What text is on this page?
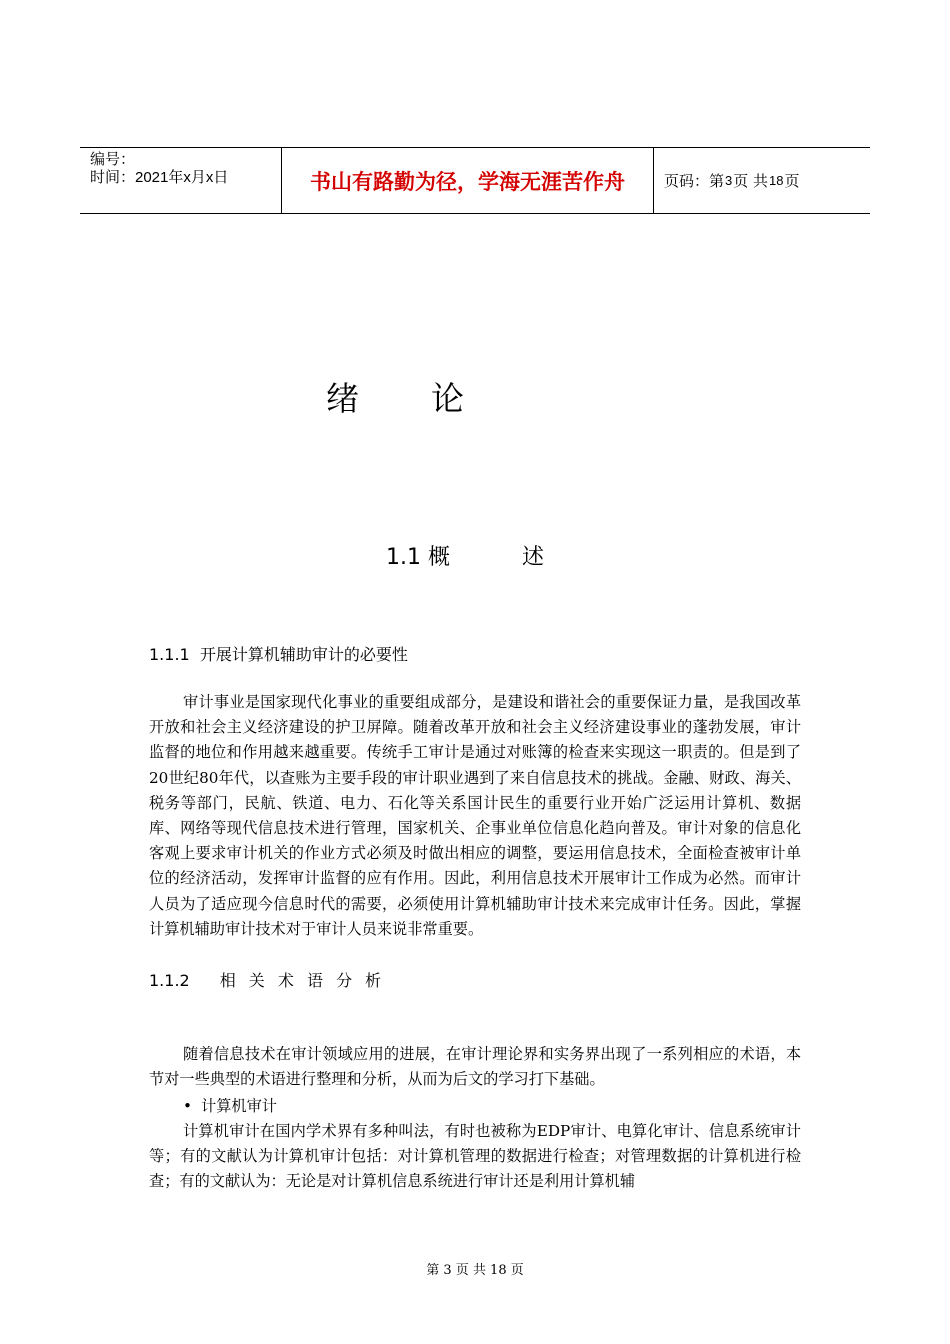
编号：
时间：2021年x月x日	书山有路勤为径，学海无涯苦作舟	页码：第 3 页 共 18 页
绪 论
1.1 概	述
1.1.1 开展计算机辅助审计的必要性

审计事业是国家现代化事业的重要组成部分，是建设和谐社会的重要保证力量，是我国改革开放和社会主义经济建设的护卫屏障。随着改革开放和社会主义经济建设事业的蓬勃发展，审计监督的地位和作用越来越重要。传统手工审计是通过对账簿的检查来实现这一职责的。但是到了20世纪80年代，以查账为主要手段的审计职业遇到了来自信息技术的挑战。金融、财政、海关、税务等部门，民航、铁道、电力、石化等关系国计民生的重要行业开始广泛运用计算机、数据库、网络等现代信息技术进行管理，国家机关、企事业单位信息化趋向普及。审计对象的信息化客观上要求审计机关的作业方式必须及时做出相应的调整，要运用信息技术，全面检查被审计单位的经济活动，发挥审计监督的应有作用。因此，利用信息技术开展审计工作成为必然。而审计人员为了适应现今信息时代的需要，必须使用计算机辅助审计技术来完成审计任务。因此，掌握计算机辅助审计技术对于审计人员来说非常重要。

1.1.2 相 关 术 语 分 析

随着信息技术在审计领域应用的进展，在审计理论界和实务界出现了一系列相应的术语，本节对一些典型的术语进行整理和分析，从而为后文的学习打下基础。

• 计算机审计

计算机审计在国内学术界有多种叫法，有时也被称为EDP审计、电算化审计、信息系统审计等；有的文献认为计算机审计包括：对计算机管理的数据进行检查；对管理数据的计算机进行检查；有的文献认为：无论是对计算机信息系统进行审计还是利用计算机辅

第 3 页 共 18 页
